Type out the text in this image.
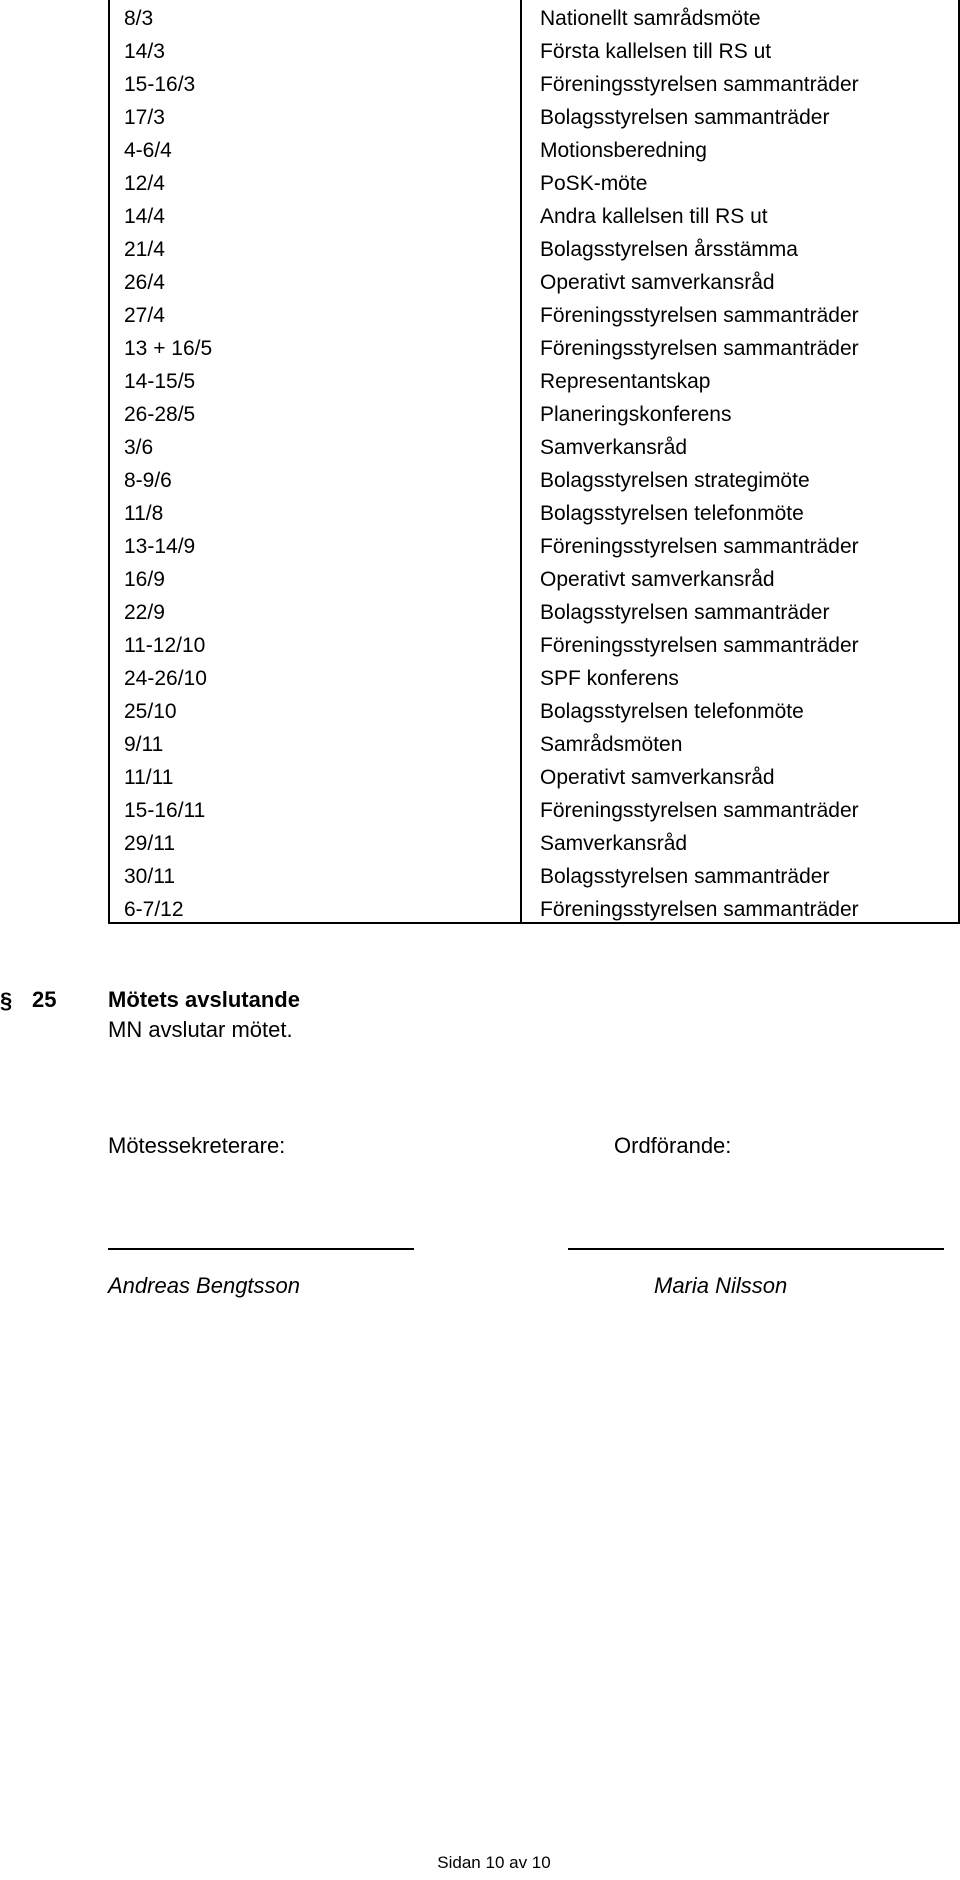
8/3	Nationellt samrådsmöte
14/3	Första kallelsen till RS ut
15-16/3	Föreningsstyrelsen sammanträder
17/3	Bolagsstyrelsen sammanträder
4-6/4	Motionsberedning
12/4	PoSK-möte
14/4	Andra kallelsen till RS ut
21/4	Bolagsstyrelsen årsstämma
26/4	Operativt samverkansråd
27/4	Föreningsstyrelsen sammanträder
13 + 16/5	Föreningsstyrelsen sammanträder
14-15/5	Representantskap
26-28/5	Planeringskonferens
3/6	Samverkansråd
8-9/6	Bolagsstyrelsen strategimöte
11/8	Bolagsstyrelsen telefonmöte
13-14/9	Föreningsstyrelsen sammanträder
16/9	Operativt samverkansråd
22/9	Bolagsstyrelsen sammanträder
11-12/10	Föreningsstyrelsen sammanträder
24-26/10	SPF konferens
25/10	Bolagsstyrelsen telefonmöte
9/11	Samrådsmöten
11/11	Operativt samverkansråd
15-16/11	Föreningsstyrelsen sammanträder
29/11	Samverkansråd
30/11	Bolagsstyrelsen sammanträder
6-7/12	Föreningsstyrelsen sammanträder
§ 25 Mötets avslutande
MN avslutar mötet.
Mötessekreterare:	Ordförande:
Andreas Bengtsson	Maria Nilsson
Sidan 10 av 10
